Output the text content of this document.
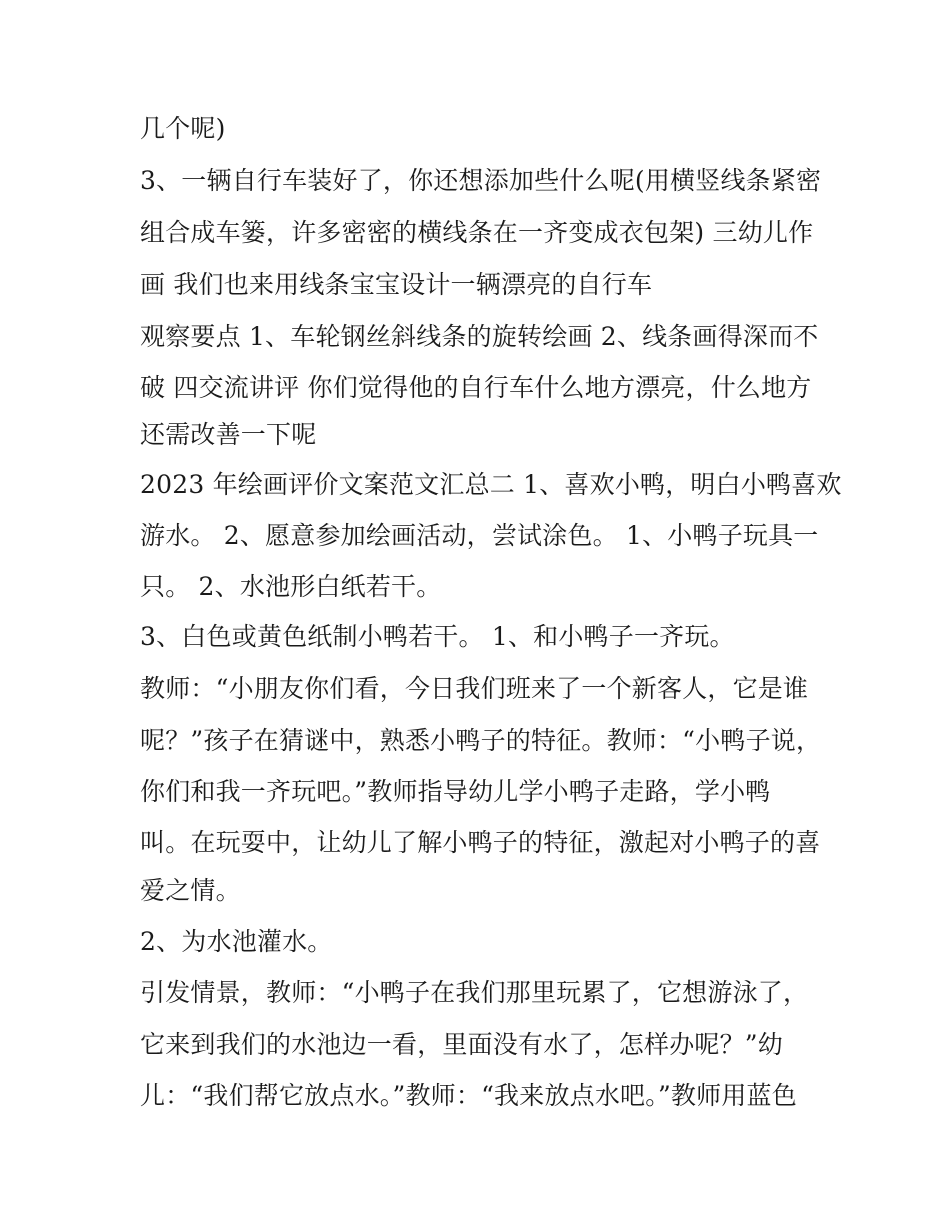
几个呢)
3、一辆自行车装好了，你还想添加些什么呢(用横竖线条紧密
组合成车篓，许多密密的横线条在一齐变成衣包架) 三幼儿作
画 我们也来用线条宝宝设计一辆漂亮的自行车
观察要点 1、车轮钢丝斜线条的旋转绘画 2、线条画得深而不
破 四交流讲评 你们觉得他的自行车什么地方漂亮，什么地方
还需改善一下呢
2023 年绘画评价文案范文汇总二 1、喜欢小鸭，明白小鸭喜欢
游水。 2、愿意参加绘画活动，尝试涂色。 1、小鸭子玩具一
只。 2、水池形白纸若干。
3、白色或黄色纸制小鸭若干。 1、和小鸭子一齐玩。
教师：“小朋友你们看，今日我们班来了一个新客人，它是谁
呢？”孩子在猜谜中，熟悉小鸭子的特征。教师：“小鸭子说，
你们和我一齐玩吧。”教师指导幼儿学小鸭子走路，学小鸭
叫。在玩耍中，让幼儿了解小鸭子的特征，激起对小鸭子的喜
爱之情。
2、为水池灌水。
引发情景，教师：“小鸭子在我们那里玩累了，它想游泳了，
它来到我们的水池边一看，里面没有水了，怎样办呢？”幼
儿：“我们帮它放点水。”教师：“我来放点水吧。”教师用蓝色
